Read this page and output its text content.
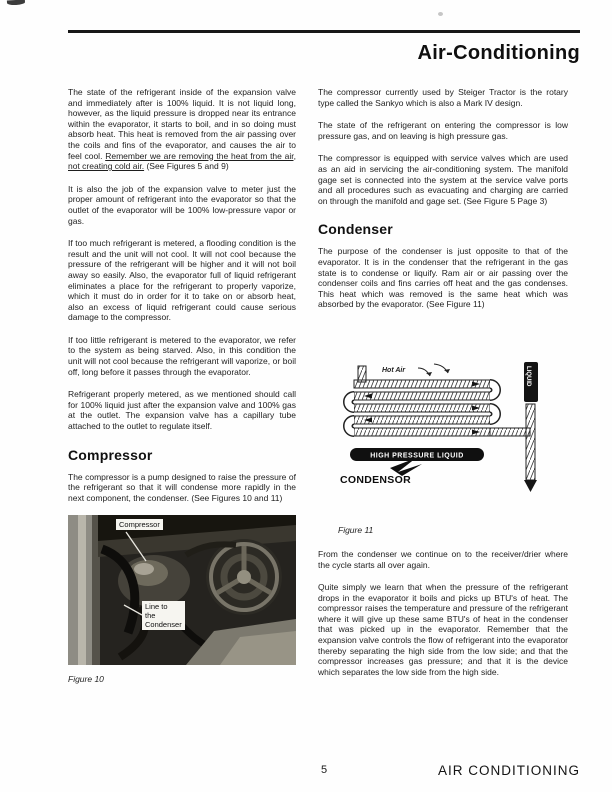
Air-Conditioning

The state of the refrigerant inside of the expansion valve and immediately after is 100% liquid. It is not liquid long, however, as the liquid pressure is dropped near its entrance within the evaporator, it starts to boil, and in so doing must absorb heat. This heat is removed from the air passing over the coils and fins of the evaporator, and causes the air to feel cool. Remember we are removing the heat from the air, not creating cold air. (See Figures 5 and 9)

It is also the job of the expansion valve to meter just the proper amount of refrigerant into the evaporator so that the outlet of the evaporator will be 100% low-pressure vapor or gas.

If too much refrigerant is metered, a flooding condition is the result and the unit will not cool. It will not cool because the pressure of the refrigerant will be higher and it will not boil away so easily. Also, the evaporator full of liquid refrigerant eliminates a place for the refrigerant to properly vaporize, which it must do in order for it to take on or absorb heat, also an excess of liquid refrigerant could cause serious damage to the compressor.

If too little refrigerant is metered to the evaporator, we refer to the system as being starved. Also, in this condition the unit will not cool because the refrigerant will vaporize, or boil off, long before it passes through the evaporator.

Refrigerant properly metered, as we mentioned should call for 100% liquid just after the expansion valve and 100% gas at the outlet. The expansion valve has a capillary tube attached to the outlet to regulate itself.

Compressor

The compressor is a pump designed to raise the pressure of the refrigerant so that it will condense more rapidly in the next component, the condenser. (See Figures 10 and 11)

Compressor
Line to
the
Condenser
Figure 10

The compressor currently used by Steiger Tractor is the rotary type called the Sankyo which is also a Mark IV design.

The state of the refrigerant on entering the compressor is low pressure gas, and on leaving is high pressure gas.

The compressor is equipped with service valves which are used as an aid in servicing the air-conditioning system. The manifold gage set is connected into the system at the service valve ports and all procedures such as evacuating and charging are carried on through the manifold and gage set. (See Figure 5 Page 3)

Condenser

The purpose of the condenser is just opposite to that of the evaporator. It is in the condenser that the refrigerant in the gas state is to condense or liquify. Ram air or air passing over the condenser coils and fins carries off heat and the gas condenses. This heat which was removed is the same heat which was absorbed by the evaporator. (See Figure 11)

LIQUID
Hot Air
HIGH PRESSURE LIQUID
CONDENSOR
Figure 11

From the condenser we continue on to the receiver/drier where the cycle starts all over again.

Quite simply we learn that when the pressure of the refrigerant drops in the evaporator it boils and picks up BTU's of heat. The compressor raises the temperature and pressure of the refrigerant where it will give up these same BTU's of heat in the condenser that was picked up in the evaporator. Remember that the expansion valve controls the flow of refrigerant into the evaporator thereby separating the high side from the low side; and that the compressor increases gas pressure; and that it is the device which separates the low side from the high side.

5	AIR CONDITIONING
